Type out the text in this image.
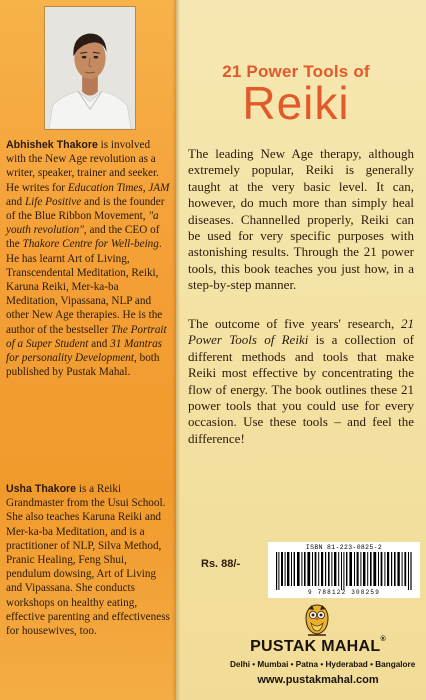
Abhishek Thakore is involved with the New Age revolution as a writer, speaker, trainer and seeker. He writes for Education Times, JAM and Life Positive and is the founder of the Blue Ribbon Movement, "a youth revolution", and the CEO of the Thakore Centre for Well-being. He has learnt Art of Living, Transcendental Meditation, Reiki, Karuna Reiki, Mer-ka-ba Meditation, Vipassana, NLP and other New Age therapies. He is the author of the bestseller The Portrait of a Super Student and 31 Mantras for personality Development, both published by Pustak Mahal.
Usha Thakore is a Reiki Grandmaster from the Usui School. She also teaches Karuna Reiki and Mer-ka-ba Meditation, and is a practitioner of NLP, Silva Method, Pranic Healing, Feng Shui, pendulum dowsing, Art of Living and Vipassana. She conducts workshops on healthy eating, effective parenting and effectiveness for housewives, too.
21 Power Tools of
Reiki
The leading New Age therapy, although extremely popular, Reiki is generally taught at the very basic level. It can, however, do much more than simply heal diseases. Channelled properly, Reiki can be used for very specific purposes with astonishing results. Through the 21 power tools, this book teaches you just how, in a step-by-step manner.
The outcome of five years' research, 21 Power Tools of Reiki is a collection of different methods and tools that make Reiki most effective by concentrating the flow of energy. The book outlines these 21 power tools that you could use for every occasion. Use these tools – and feel the difference!
Rs. 88/-
ISBN 81-223-0825-2
9 788122 308259
PUSTAK MAHAL®
Delhi • Mumbai • Patna • Hyderabad • Bangalore
www.pustakmahal.com
